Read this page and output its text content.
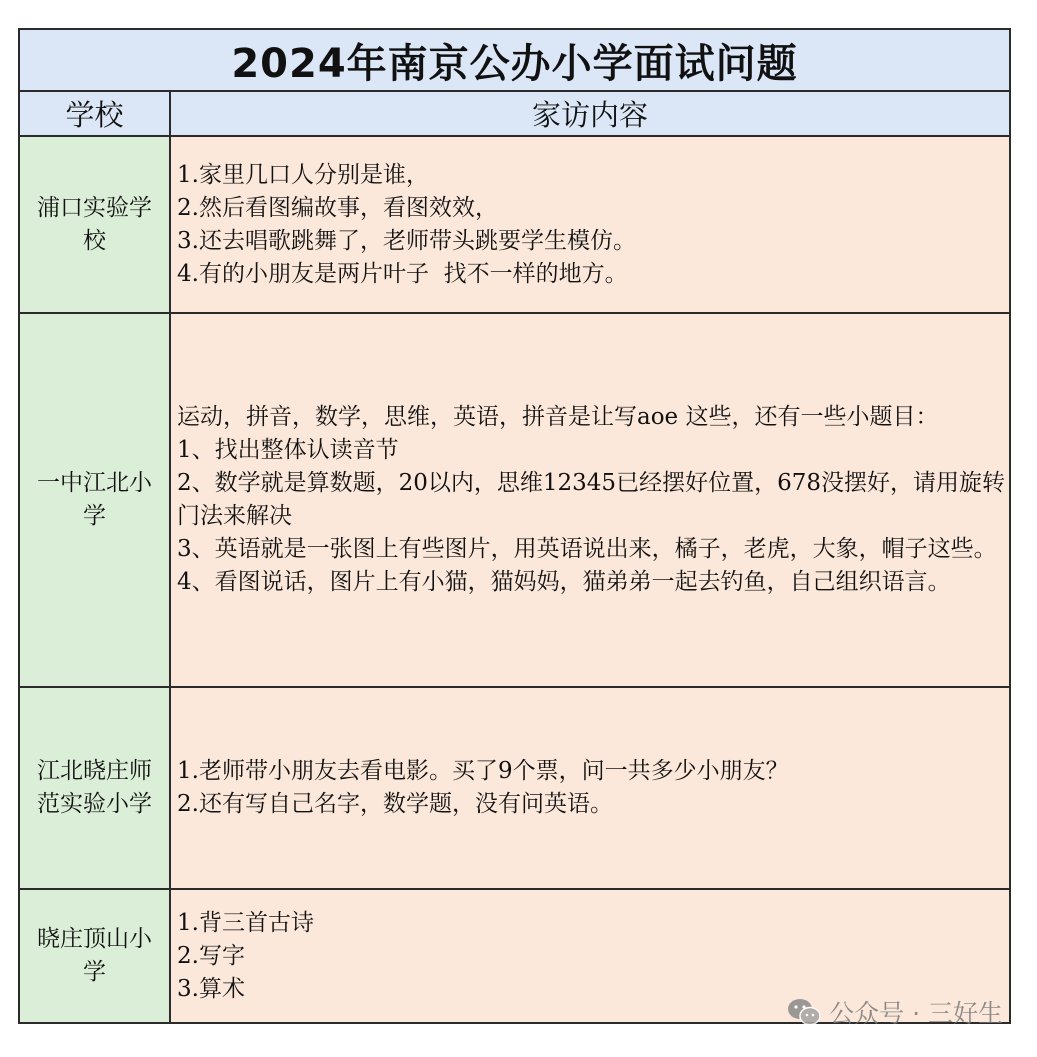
2024年南京公办小学面试问题
学校	家访内容
浦口实验学校
1.家里几口人分别是谁，
2.然后看图编故事，看图效效，
3.还去唱歌跳舞了，老师带头跳要学生模仿。
4.有的小朋友是两片叶子  找不一样的地方。
一中江北小学
运动，拼音，数学，思维，英语，拼音是让写aoe 这些，还有一些小题目：
1、找出整体认读音节
2、数学就是算数题，20以内，思维12345已经摆好位置，678没摆好，请用旋转门法来解决
3、英语就是一张图上有些图片，用英语说出来，橘子，老虎，大象，帽子这些。
4、看图说话，图片上有小猫，猫妈妈，猫弟弟一起去钓鱼，自己组织语言。
江北晓庄师范实验小学
1.老师带小朋友去看电影。买了9个票，问一共多少小朋友？
2.还有写自己名字，数学题，没有问英语。
晓庄顶山小学
1.背三首古诗
2.写字
3.算术
公众号 · 三好生
